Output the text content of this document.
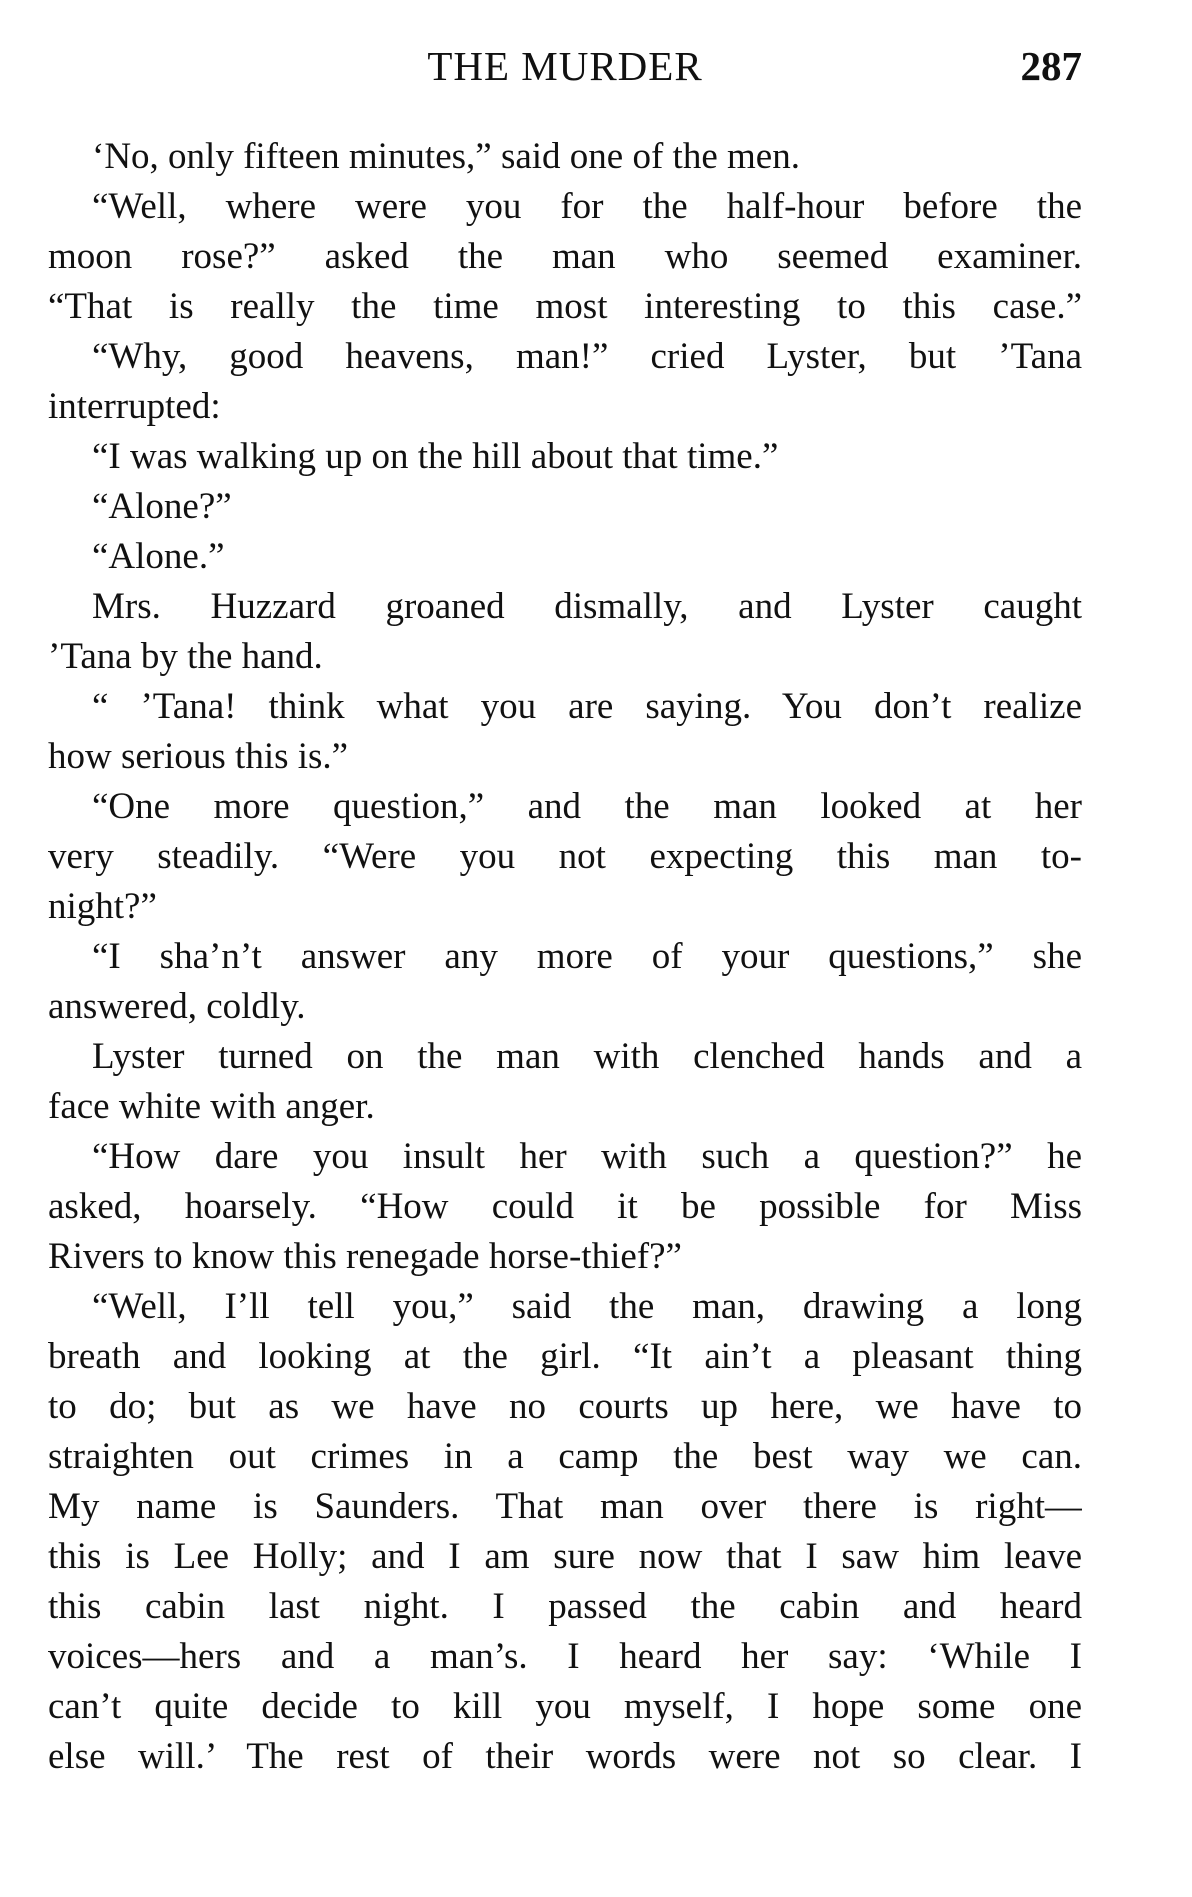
THE MURDER	287
‘No, only fifteen minutes,” said one of the men.
“Well, where were you for the half-hour before the
moon rose?” asked the man who seemed examiner.
“That is really the time most interesting to this case.”
“Why, good heavens, man!” cried Lyster, but ’Tana
interrupted:
“I was walking up on the hill about that time.”
“Alone?”
“Alone.”
Mrs. Huzzard groaned dismally, and Lyster caught
’Tana by the hand.
“ ’Tana! think what you are saying. You don’t realize
how serious this is.”
“One more question,” and the man looked at her
very steadily. “Were you not expecting this man to-
night?”
“I sha’n’t answer any more of your questions,” she
answered, coldly.
Lyster turned on the man with clenched hands and a
face white with anger.
“How dare you insult her with such a question?” he
asked, hoarsely. “How could it be possible for Miss
Rivers to know this renegade horse-thief?”
“Well, I’ll tell you,” said the man, drawing a long
breath and looking at the girl. “It ain’t a pleasant thing
to do; but as we have no courts up here, we have to
straighten out crimes in a camp the best way we can.
My name is Saunders. That man over there is right—
this is Lee Holly; and I am sure now that I saw him leave
this cabin last night. I passed the cabin and heard
voices—hers and a man’s. I heard her say: ‘While I
can’t quite decide to kill you myself, I hope some one
else will.’ The rest of their words were not so clear. I
